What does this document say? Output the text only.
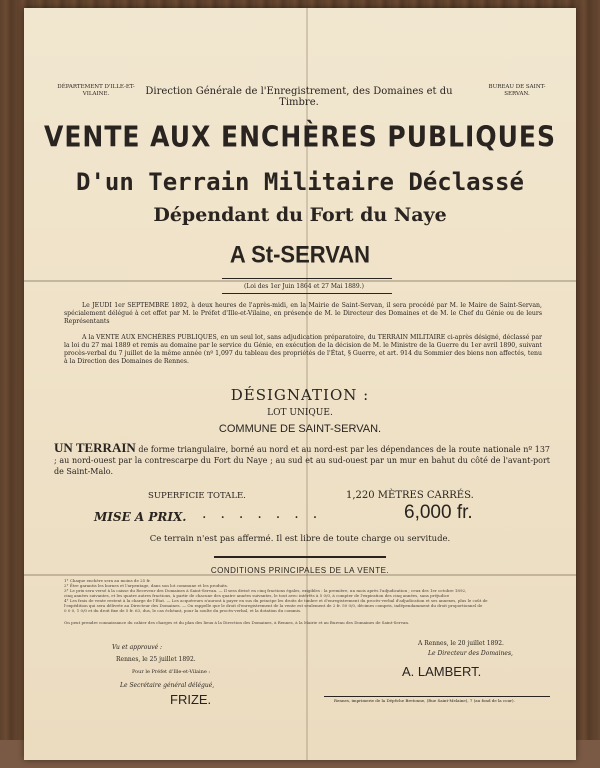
DÉPARTEMENT D'ILLE-ET-VILAINE.	Direction Générale de l'Enregistrement, des Domaines et du Timbre.
BUREAU DE SAINT-SERVAN.
VENTE AUX ENCHÈRES PUBLIQUES
D'un Terrain Militaire Déclassé
Dépendant du Fort du Naye
A St-SERVAN
(Loi des 1er Juin 1864 et 27 Mai 1889.)
Le JEUDI 1er SEPTEMBRE 1892, à deux heures de l'après-midi, en la Mairie de Saint-Servan, il sera procédé par M. le Maire de Saint-Servan, spécialement délégué à cet effet par M. le Préfet d'Ille-et-Vilaine, en présence de M. le Directeur des Domaines et de M. le Chef du Génie ou de leurs Représentants
A la VENTE AUX ENCHÈRES PUBLIQUES, en un seul lot, sans adjudication préparatoire, du TERRAIN MILITAIRE ci-après désigné, déclassé par la loi du 27 mai 1889 et remis au domaine par le service du Génie, en exécution de la décision de M. le Ministre de la Guerre du 1er avril 1890, suivant procès-verbal du 7 juillet de la même année (nº 1,097 du tableau des propriétés de l'État, § Guerre, et art. 914 du Sommier des biens non affectés, tenu à la Direction des Domaines de Rennes.
DÉSIGNATION :
LOT UNIQUE.
COMMUNE DE SAINT-SERVAN.
UN TERRAIN de forme triangulaire, borné au nord et au nord-est par les dépendances de la route nationale nº 137 ; au nord-ouest par la contrescarpe du Fort du Naye ; au sud et au sud-ouest par un mur en bahut du côté de l'avant-port de Saint-Malo.
SUPERFICIE TOTALE.	1,220 MÈTRES CARRÉS.
MISE A PRIX. .......	6,000 fr.
Ce terrain n'est pas affermé. Il est libre de toute charge ou servitude.
CONDITIONS PRINCIPALES DE LA VENTE.
1° Chaque enchère sera au moins de 25 fr.
2° Être garantis les bornes et l'arpentage, dans son lot commune et les produits.
3° Le prix sera versé à la caisse du Receveur des Domaines à Saint-Servan. — Il sera divisé en cinq fractions égales, exigibles : la première, un mois après l'adjudication ; ceux des 1er octobre 1892,
cinq années suivantes, et les quatre autres fractions, à partir de chacune des quatre années suivantes, le tout avec intérêts à 5 0/0, à compter de l'expiration des cinq années, sans préjudice
4° Les frais de vente restent à la charge de l'État. — Les acquéreurs n'auront à payer en sus du principe les droits de timbre et d'enregistrement du procès-verbal d'adjudication et ses annexes, plus le coût de
l'expédition qui sera délivrée au Directeur des Domaines. — On rappelle que le droit d'enregistrement de la vente est seulement de 2 fr. 50 0/0, décimes compris, indépendamment du droit proportionnel de
0 0 0, 1 0/0 et du droit fixe de 5 fr. 63, dus, le cas échéant, pour la soulte du procès-verbal, et la dotation du commis.
On peut prendre connaissance du cahier des charges et du plan des lieux à la Direction des Domaines, à Rennes, à la Mairie et au Bureau des Domaines de Saint-Servan.
Vu et approuvé :
Rennes, le 25 juillet 1892.
Pour le Préfet d'Ille-et-Vilaine :
Le Secrétaire général délégué,
FRIZE.
A Rennes, le 20 juillet 1892.
Le Directeur des Domaines,
A. LAMBERT.
Rennes, imprimerie de la Dépêche Bretonne, (Rue Saint-Melaine), 7 (au fond de la cour).
